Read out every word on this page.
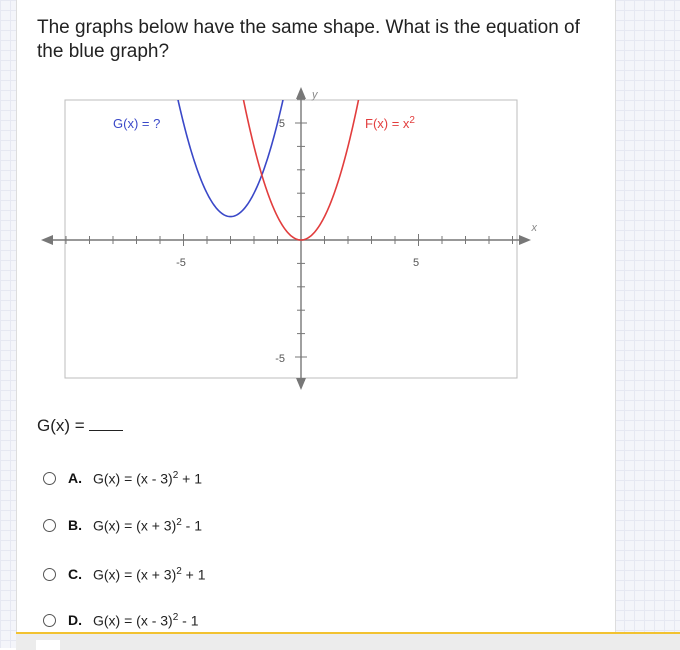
The graphs below have the same shape. What is the equation of
the blue graph?
x
y
-5	5
5
-5
G(x) = ?	$F(x) = x^2$
G(x) =
A. G(x) = (x - 3)$^2$ + 1
B. $G(x) = (x + 3)^2 - 1$
C. $G(x) = (x + 3)^2 + 1$
D. G(x) = (x - 3)$^2$ - 1
